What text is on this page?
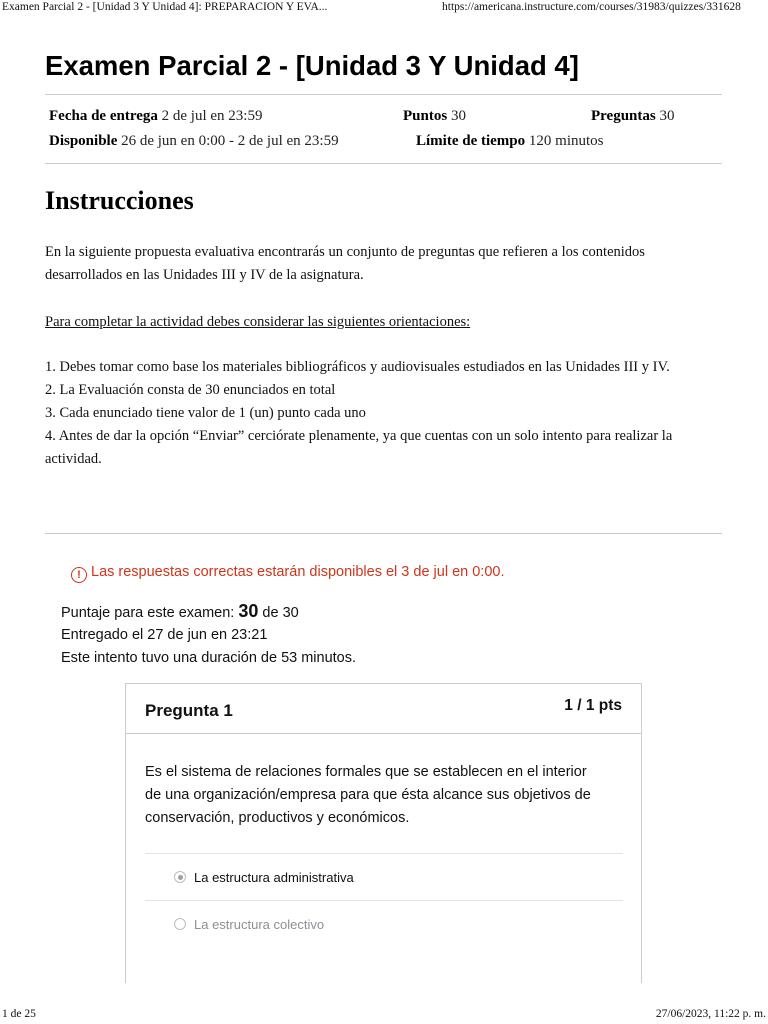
Examen Parcial 2 - [Unidad 3 Y Unidad 4]: PREPARACION Y EVA...	https://americana.instructure.com/courses/31983/quizzes/331628
Examen Parcial 2 - [Unidad 3 Y Unidad 4]
Fecha de entrega 2 de jul en 23:59	Puntos 30	Preguntas 30
Disponible 26 de jun en 0:00 - 2 de jul en 23:59	Límite de tiempo 120 minutos
Instrucciones
En la siguiente propuesta evaluativa encontrarás un conjunto de preguntas que refieren a los contenidos
desarrollados en las Unidades III y IV de la asignatura.
Para completar la actividad debes considerar las siguientes orientaciones:
1. Debes tomar como base los materiales bibliográficos y audiovisuales estudiados en las Unidades III y IV.
2. La Evaluación consta de 30 enunciados en total
3. Cada enunciado tiene valor de 1 (un) punto cada uno
4. Antes de dar la opción “Enviar” cerciórate plenamente, ya que cuentas con un solo intento para realizar la
actividad.
! Las respuestas correctas estarán disponibles el 3 de jul en 0:00.
Puntaje para este examen: 30 de 30
Entregado el 27 de jun en 23:21
Este intento tuvo una duración de 53 minutos.
Pregunta 1	1 / 1 pts
Es el sistema de relaciones formales que se establecen en el interior
de una organización/empresa para que ésta alcance sus objetivos de
conservación, productivos y económicos.
La estructura administrativa
La estructura colectivo
1 de 25	27/06/2023, 11:22 p. m.
